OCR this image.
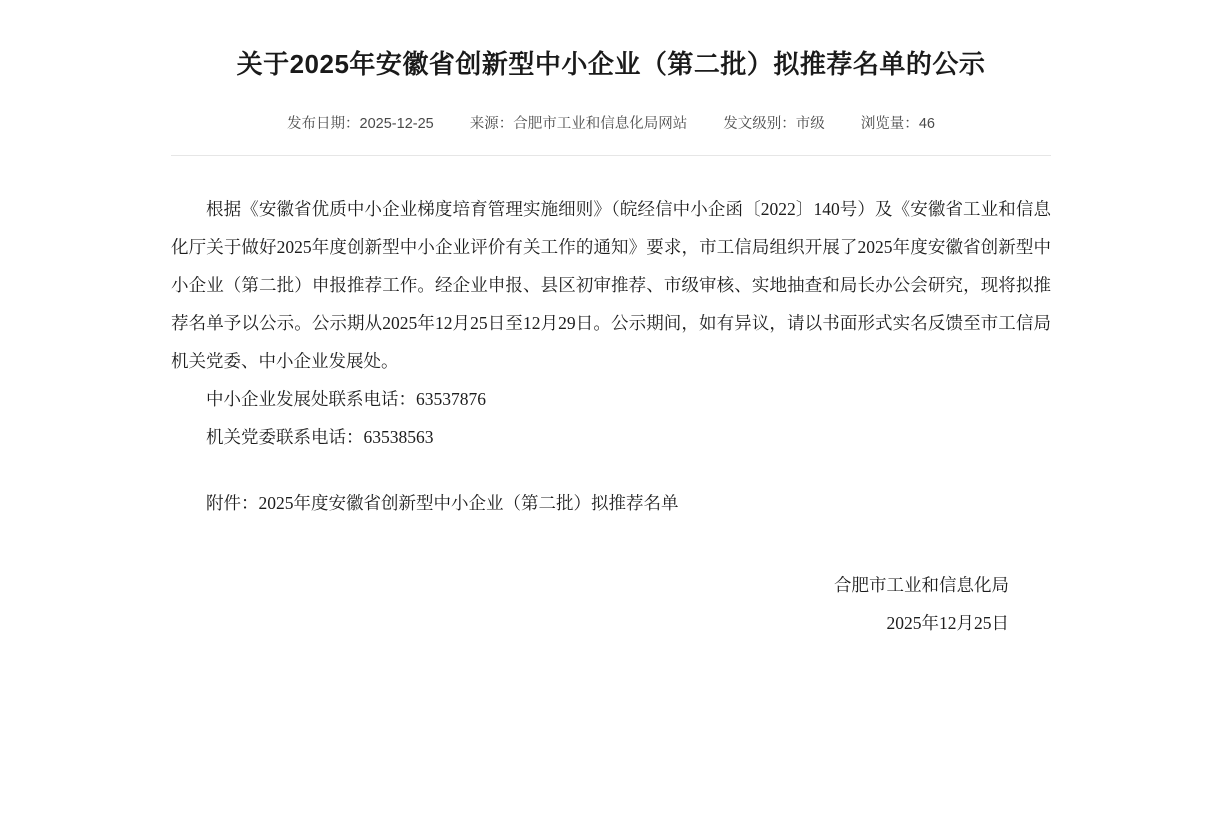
关于2025年安徽省创新型中小企业（第二批）拟推荐名单的公示
发布日期：2025-12-25 来源：合肥市工业和信息化局网站 发文级别：市级 浏览量：46

根据《安徽省优质中小企业梯度培育管理实施细则》（皖经信中小企函〔2022〕140号）及《安徽省工业和信息化厅关于做好2025年度创新型中小企业评价有关工作的通知》要求，市工信局组织开展了2025年度安徽省创新型中小企业（第二批）申报推荐工作。经企业申报、县区初审推荐、市级审核、实地抽查和局长办公会研究，现将拟推荐名单予以公示。公示期从2025年12月25日至12月29日。公示期间，如有异议，请以书面形式实名反馈至市工信局机关党委、中小企业发展处。

中小企业发展处联系电话：63537876

机关党委联系电话：63538563

附件：2025年度安徽省创新型中小企业（第二批）拟推荐名单

合肥市工业和信息化局
2025年12月25日
